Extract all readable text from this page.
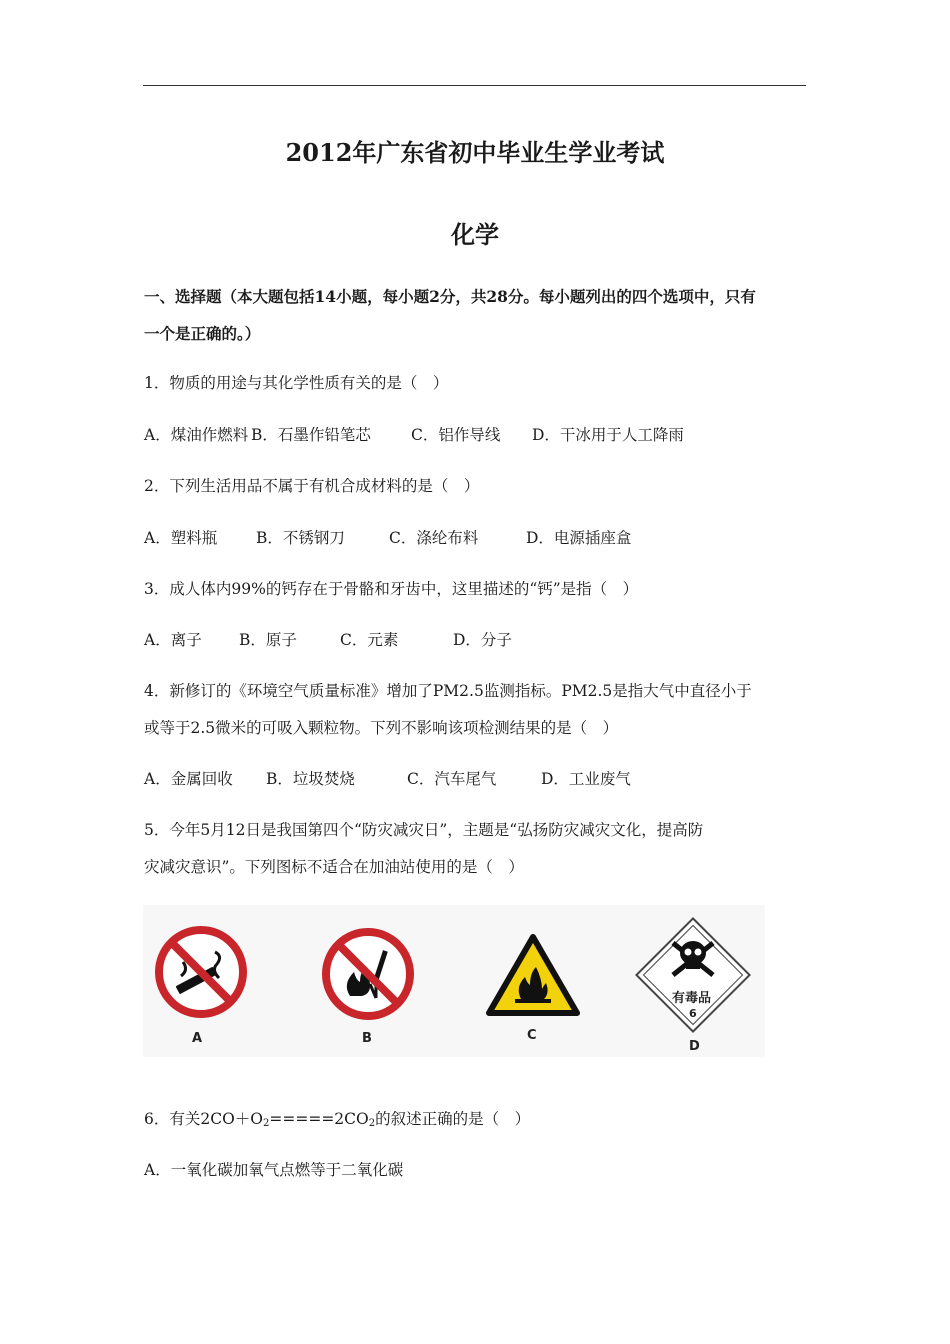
2012年广东省初中毕业生学业考试
化学
一、选择题（本大题包括14小题，每小题2分，共28分。每小题列出的四个选项中，只有
一个是正确的。）
1．物质的用途与其化学性质有关的是（　）
A．煤油作燃料 B．石墨作铅笔芯	C．铝作导线 D．干冰用于人工降雨
2．下列生活用品不属于有机合成材料的是（　）
A．塑料瓶	B．不锈钢刀	C．涤纶布料	D．电源插座盒
3．成人体内99%的钙存在于骨骼和牙齿中，这里描述的“钙”是指（　）
A．离子 B．原子	C．元素	D．分子
4．新修订的《环境空气质量标准》增加了PM2.5监测指标。PM2.5是指大气中直径小于
或等于2.5微米的可吸入颗粒物。下列不影响该项检测结果的是（　）
A．金属回收 B．垃圾焚烧	C．汽车尾气	D．工业废气
5．今年5月12日是我国第四个“防灾减灾日”，主题是“弘扬防灾减灾文化，提高防
灾减灾意识”。下列图标不适合在加油站使用的是（　）
A	B	C
有毒品
6
D
6．有关$2CO+O_2=====2CO_2$的叙述正确的是（　）
A．一氧化碳加氧气点燃等于二氧化碳
